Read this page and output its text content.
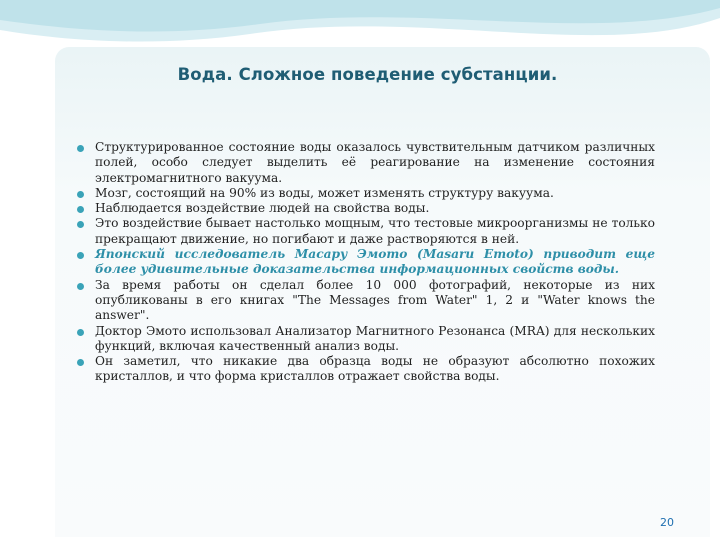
Вода. Сложное поведение субстанции.
Структурированное состояние воды оказалось чувствительным датчиком различных полей, особо следует выделить её реагирование на изменение состояния электромагнитного вакуума.
Мозг, состоящий на 90% из воды, может изменять структуру вакуума.
Наблюдается воздействие людей на свойства воды.
Это воздействие бывает настолько мощным, что тестовые микроорганизмы не только прекращают движение, но погибают и даже растворяются в ней.
Японский исследователь Масару Эмото (Masaru Emoto) приводит еще более удивительные доказательства информационных свойств воды.
За время работы он сделал более 10 000 фотографий, некоторые из них опубликованы в его книгах "The Messages from Water" 1, 2 и "Water knows the answer".
Доктор Эмото использовал Анализатор Магнитного Резонанса (MRA) для нескольких функций, включая качественный анализ воды.
Он заметил, что никакие два образца воды не образуют абсолютно похожих кристаллов, и что форма кристаллов отражает свойства воды.
20
